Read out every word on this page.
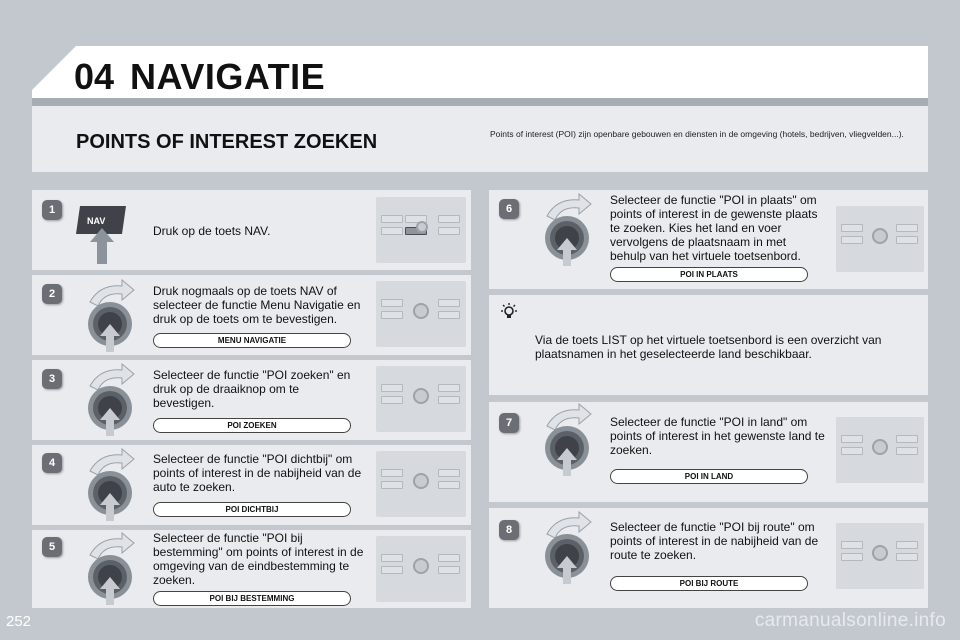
04 NAVIGATIE
POINTS OF INTEREST ZOEKEN	Points of interest (POI) zijn openbare gebouwen en diensten in de omgeving (hotels, bedrijven, vliegvelden...).
1
NAV
Druk op de toets NAV.
2	Druk nogmaals op de toets NAV of selecteer de functie Menu Navigatie en druk op de toets om te bevestigen.
MENU NAVIGATIE
3	Selecteer de functie "POI zoeken" en druk op de draaiknop om te bevestigen.
POI ZOEKEN
4	Selecteer de functie "POI dichtbij" om points of interest in de nabijheid van de auto te zoeken.
POI DICHTBIJ
5
Selecteer de functie "POI bij bestemming" om points of interest in de omgeving van de eindbestemming te zoeken.
POI BIJ BESTEMMING
6
Selecteer de functie "POI in plaats" om points of interest in de gewenste plaats te zoeken. Kies het land en voer vervolgens de plaatsnaam in met behulp van het virtuele toetsenbord.
POI IN PLAATS
Via de toets LIST op het virtuele toetsenbord is een overzicht van plaatsnamen in het geselecteerde land beschikbaar.
7	Selecteer de functie "POI in land" om points of interest in het gewenste land te zoeken.
POI IN LAND
8	Selecteer de functie "POI bij route" om points of interest in de nabijheid van de route te zoeken.
POI BIJ ROUTE
252	carmanualsonline.info
